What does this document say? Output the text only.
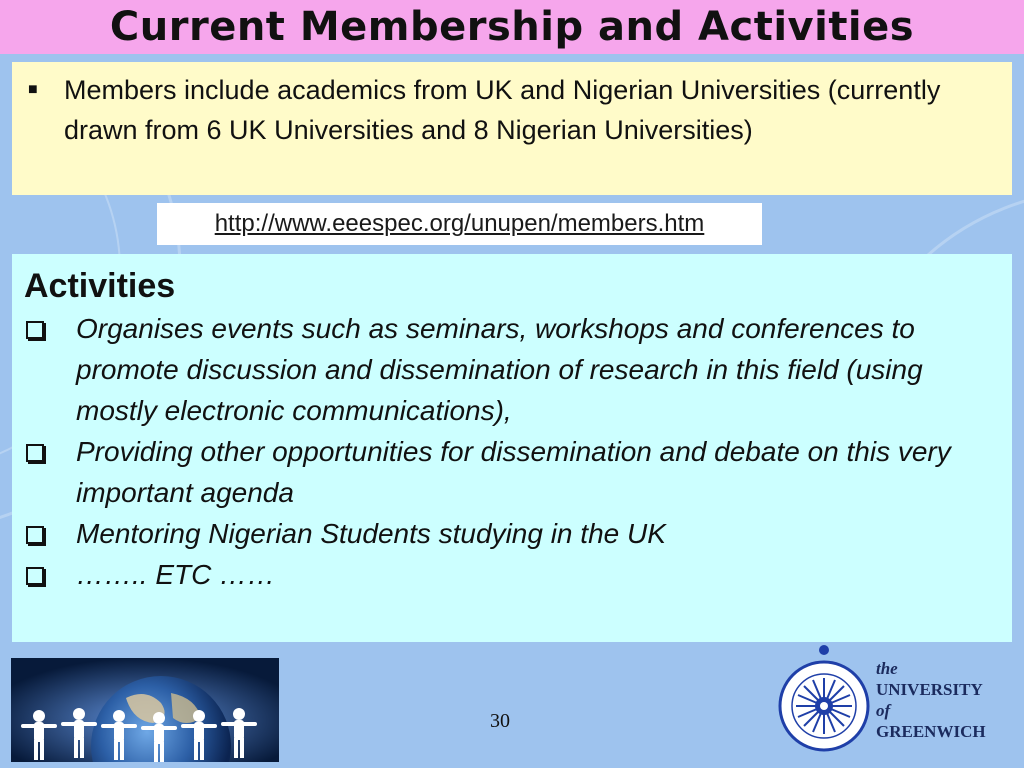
Current Membership and Activities
■ Members include academics from UK and Nigerian Universities (currently drawn from 6 UK Universities and 8 Nigerian Universities)
http://www.eeespec.org/unupen/members.htm
Activities
Organises events such as seminars, workshops and conferences to promote discussion and dissemination of research in this field (using mostly electronic communications),
Providing other opportunities for dissemination and debate on this very important agenda
Mentoring Nigerian Students studying in the UK
…….. ETC ……
30
the
UNIVERSITY
of
GREENWICH
